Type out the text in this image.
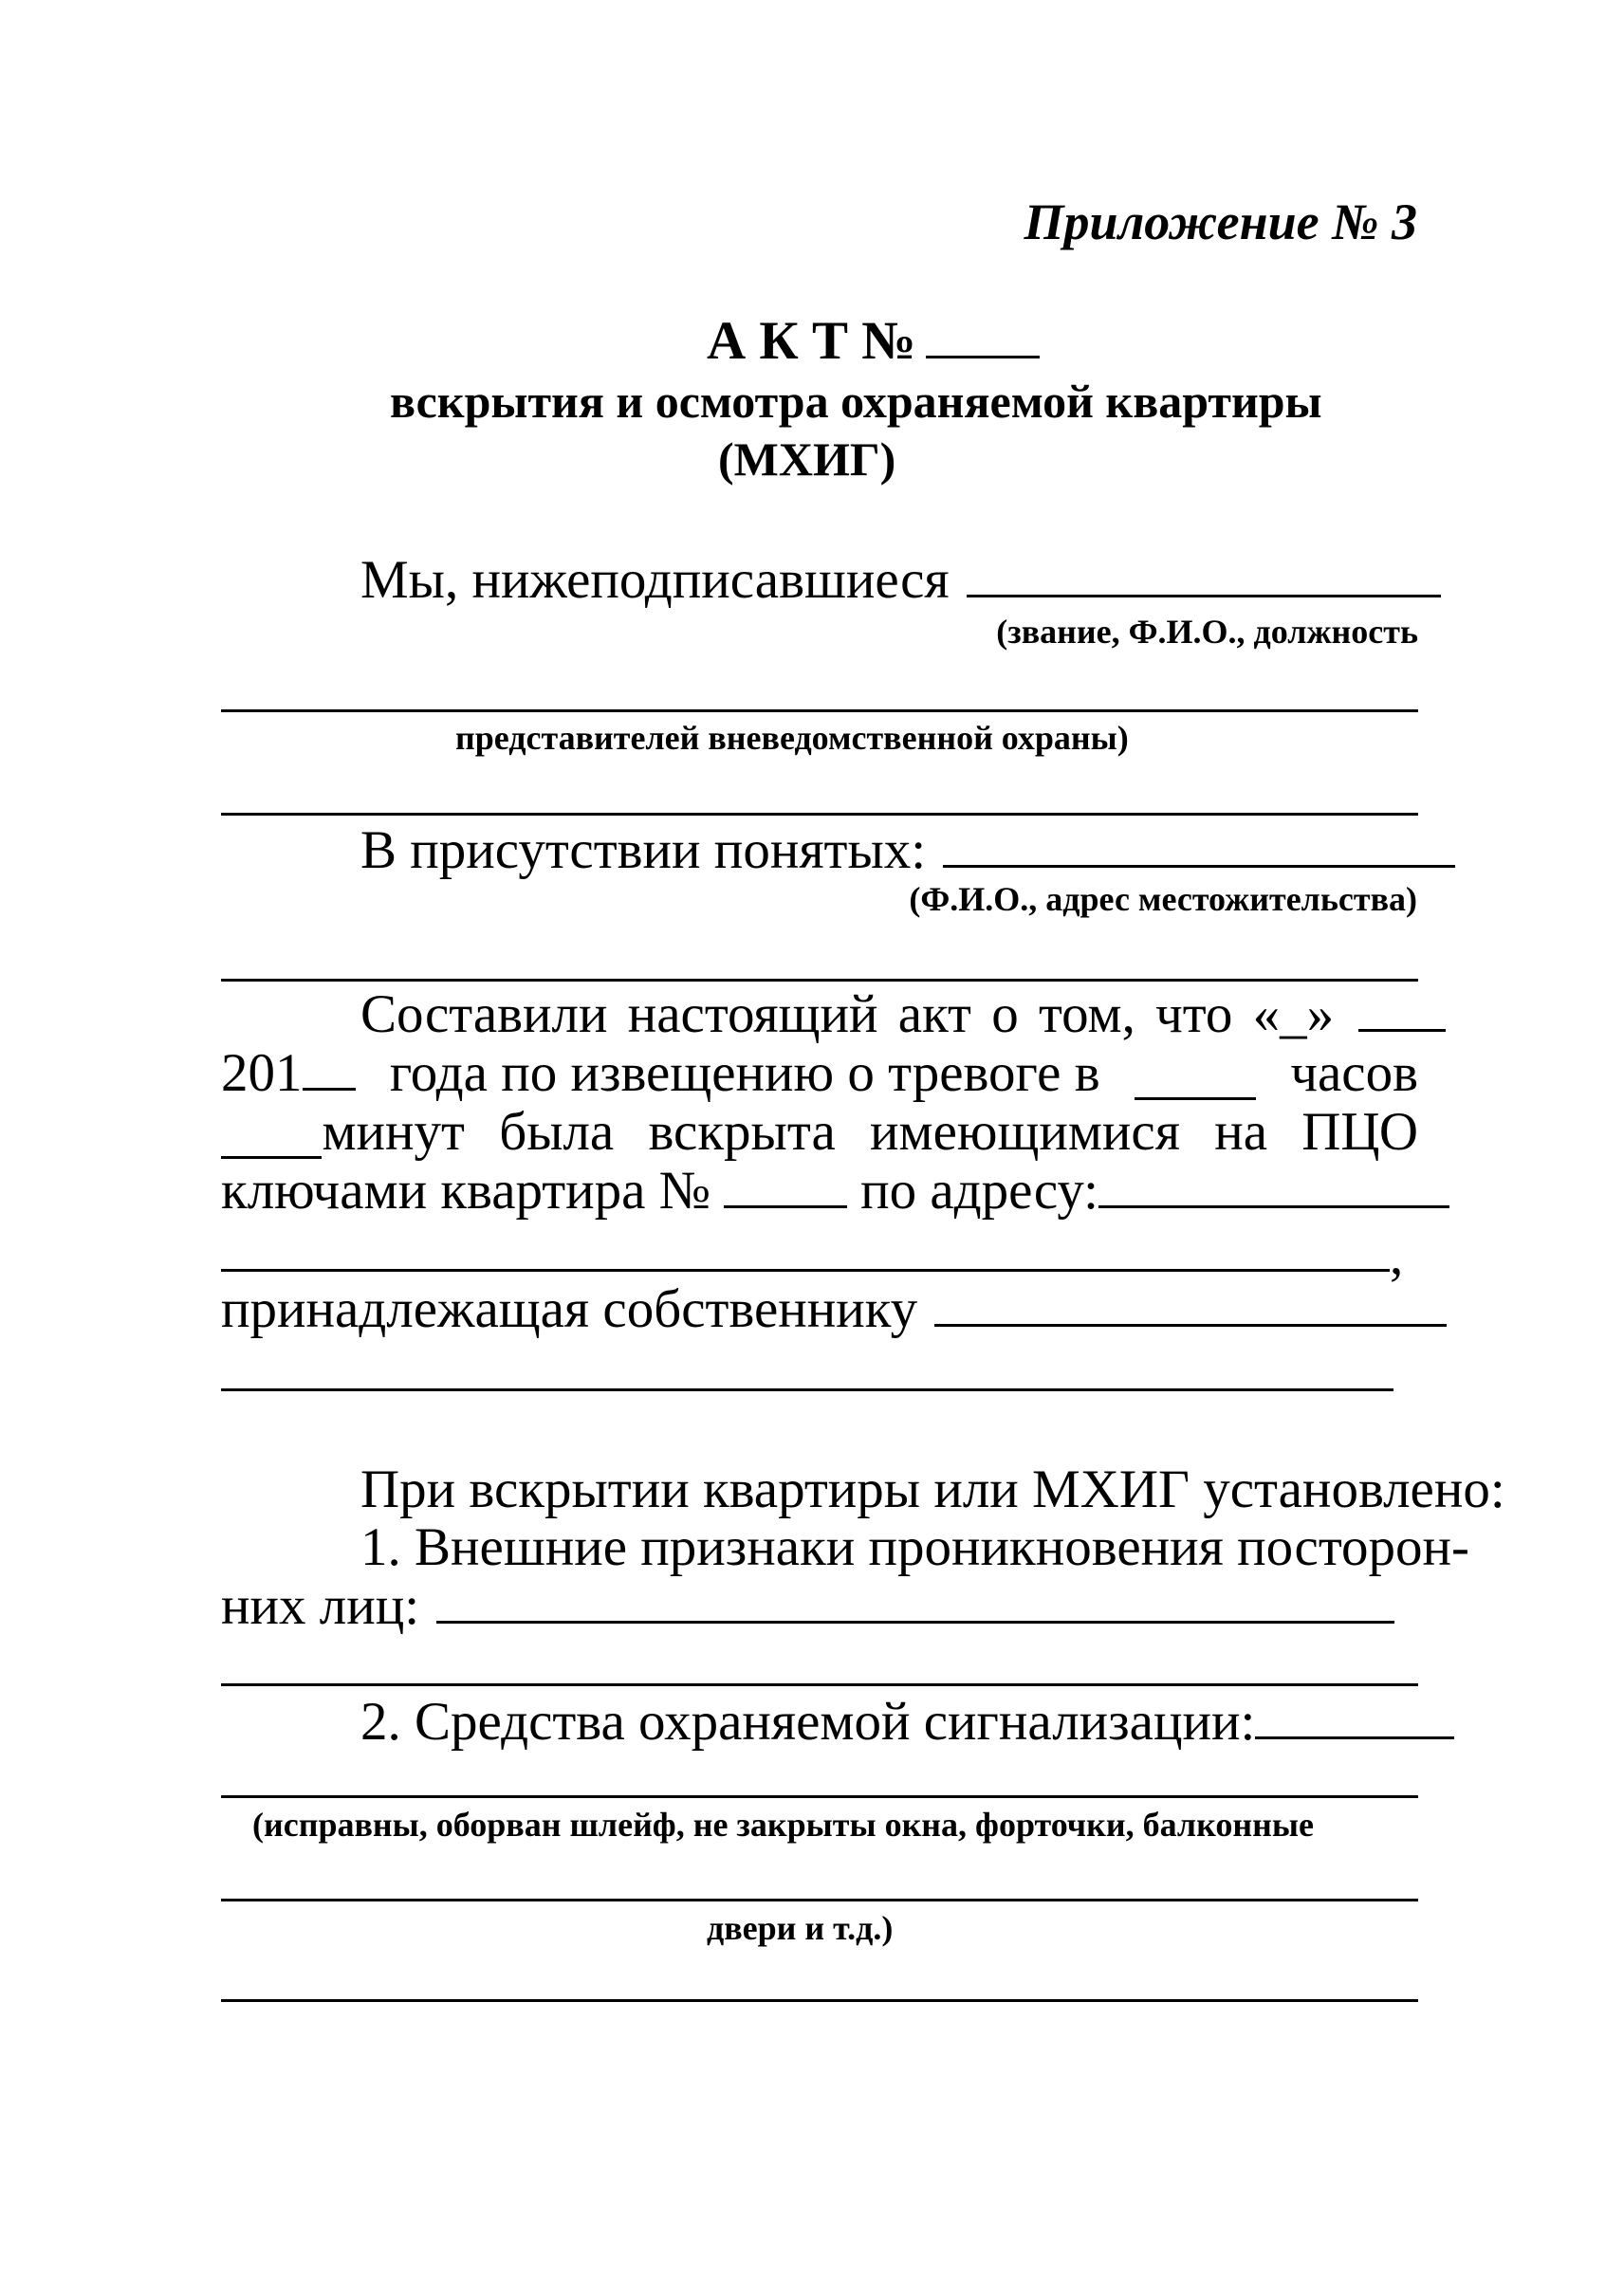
Приложение № 3
А К Т №
вскрытия и осмотра охраняемой квартиры
(МХИГ)
Мы, нижеподписавшиеся
(звание, Ф.И.О., должность
представителей вневедомственной охраны)
В присутствии понятых:
(Ф.И.О., адрес местожительства)
Составили настоящий акт о том, что «_»
201	года по извещению о тревоге в	часов
минут была вскрыта имеющимися на ПЦО
ключами квартира №	по адресу:
,
принадлежащая собственнику
При вскрытии квартиры или МХИГ установлено:
1. Внешние признаки проникновения посторон-
них лиц:
2. Средства охраняемой сигнализации:
(исправны, оборван шлейф, не закрыты окна, форточки, балконные
двери и т.д.)
